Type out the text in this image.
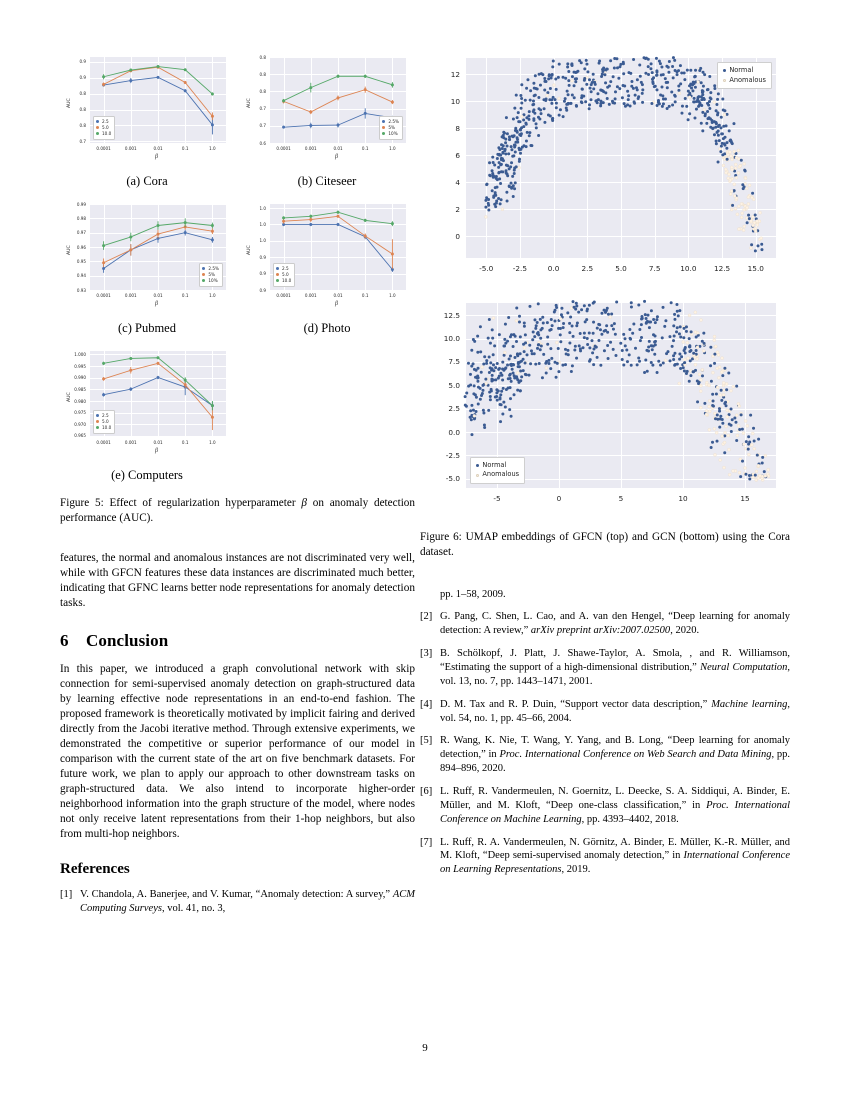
2.5
5.0
10.0
0.7
0.8
0.8
0.8
0.9
0.9
0.0001	0.001	0.01	0.1	1.0
AUC
β
(a) Cora
2.5%
5%
10%
0.6
0.7
0.7
0.8
0.8
0.8
0.0001	0.001	0.01	0.1	1.0
AUC
β
(b) Citeseer
2.5%
5%
10%
0.93
0.94
0.95
0.96
0.97
0.98
0.99
0.0001	0.001	0.01	0.1	1.0
AUC
β
(c) Pubmed
2.5
5.0
10.0
0.9
0.9
0.9
1.0
1.0
1.0
0.0001	0.001	0.01	0.1	1.0
AUC
β
(d) Photo
2.5
5.0
10.0
0.965
0.970
0.975
0.980
0.985
0.990
0.995
1.000
0.0001	0.001	0.01	0.1	1.0
AUC
β
(e) Computers
Figure 5: Effect of regularization hyperparameter β on anomaly detection performance (AUC).

features, the normal and anomalous instances are not discriminated very well, while with GFCN features these data instances are discriminated much better, indicating that GFNC learns better node representations for anomaly detection tasks.

6 Conclusion

In this paper, we introduced a graph convolutional network with skip connection for semi-supervised anomaly detection on graph-structured data by learning effective node representations in an end-to-end fashion. The proposed framework is theoretically motivated by implicit fairing and derived directly from the Jacobi iterative method. Through extensive experiments, we demonstrated the competitive or superior performance of our model in comparison with the current state of the art on five benchmark datasets. For future work, we plan to apply our approach to other downstream tasks on graph-structured data. We also intend to incorporate higher-order neighborhood information into the graph structure of the model, where nodes not only receive latent representations from their 1-hop neighbors, but also from multi-hop neighbors.

References
[1] V. Chandola, A. Banerjee, and V. Kumar, “Anomaly detection: A survey,” ACM Computing Surveys, vol. 41, no. 3,
Normal
Anomalous
0
2
4
6
8
10
12
-5.0	-2.5	0.0	2.5	5.0	7.5	10.0	12.5	15.0
Normal
Anomalous
-5.0
-2.5
0.0
2.5
5.0
7.5
10.0
12.5
-5	0	5	10	15
Figure 6: UMAP embeddings of GFCN (top) and GCN (bottom) using the Cora dataset.
pp. 1–58, 2009.
[2] G. Pang, C. Shen, L. Cao, and A. van den Hengel, “Deep learning for anomaly detection: A review,” arXiv preprint arXiv:2007.02500, 2020.
[3] B. Schölkopf, J. Platt, J. Shawe-Taylor, A. Smola, , and R. Williamson, “Estimating the support of a high-dimensional distribution,” Neural Computation, vol. 13, no. 7, pp. 1443–1471, 2001.
[4] D. M. Tax and R. P. Duin, “Support vector data description,” Machine learning, vol. 54, no. 1, pp. 45–66, 2004.
[5] R. Wang, K. Nie, T. Wang, Y. Yang, and B. Long, “Deep learning for anomaly detection,” in Proc. International Conference on Web Search and Data Mining, pp. 894–896, 2020.
[6] L. Ruff, R. Vandermeulen, N. Goernitz, L. Deecke, S. A. Siddiqui, A. Binder, E. Müller, and M. Kloft, “Deep one-class classification,” in Proc. International Conference on Machine Learning, pp. 4393–4402, 2018.
[7] L. Ruff, R. A. Vandermeulen, N. Görnitz, A. Binder, E. Müller, K.-R. Müller, and M. Kloft, “Deep semi-supervised anomaly detection,” in International Conference on Learning Representations, 2019.
9
